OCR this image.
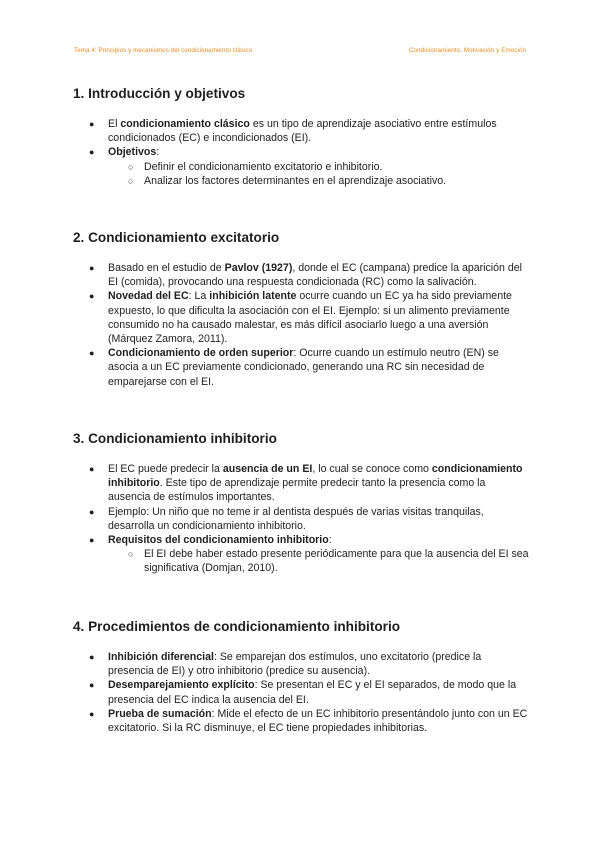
Tema 4: Principios y mecanismos del condicionamiento clásico	Condicionamiento, Motivación y Emoción
1. Introducción y objetivos
● El condicionamiento clásico es un tipo de aprendizaje asociativo entre estímulos condicionados (EC) e incondicionados (EI).
● Objetivos:
○ Definir el condicionamiento excitatorio e inhibitorio.
○ Analizar los factores determinantes en el aprendizaje asociativo.
2. Condicionamiento excitatorio
● Basado en el estudio de Pavlov (1927), donde el EC (campana) predice la aparición del EI (comida), provocando una respuesta condicionada (RC) como la salivación.
● Novedad del EC: La inhibición latente ocurre cuando un EC ya ha sido previamente expuesto, lo que dificulta la asociación con el EI. Ejemplo: si un alimento previamente consumido no ha causado malestar, es más difícil asociarlo luego a una aversión (Márquez Zamora, 2011).
● Condicionamiento de orden superior: Ocurre cuando un estímulo neutro (EN) se asocia a un EC previamente condicionado, generando una RC sin necesidad de emparejarse con el EI.
3. Condicionamiento inhibitorio
● El EC puede predecir la ausencia de un EI, lo cual se conoce como condicionamiento inhibitorio. Este tipo de aprendizaje permite predecir tanto la presencia como la ausencia de estímulos importantes.
● Ejemplo: Un niño que no teme ir al dentista después de varias visitas tranquilas, desarrolla un condicionamiento inhibitorio.
● Requisitos del condicionamiento inhibitorio:
○ El EI debe haber estado presente periódicamente para que la ausencia del EI sea significativa (Domjan, 2010).
4. Procedimientos de condicionamiento inhibitorio
● Inhibición diferencial: Se emparejan dos estímulos, uno excitatorio (predice la presencia de EI) y otro inhibitorio (predice su ausencia).
● Desemparejamiento explícito: Se presentan el EC y el EI separados, de modo que la presencia del EC indica la ausencia del EI.
● Prueba de sumación: Mide el efecto de un EC inhibitorio presentándolo junto con un EC excitatorio. Si la RC disminuye, el EC tiene propiedades inhibitorias.
